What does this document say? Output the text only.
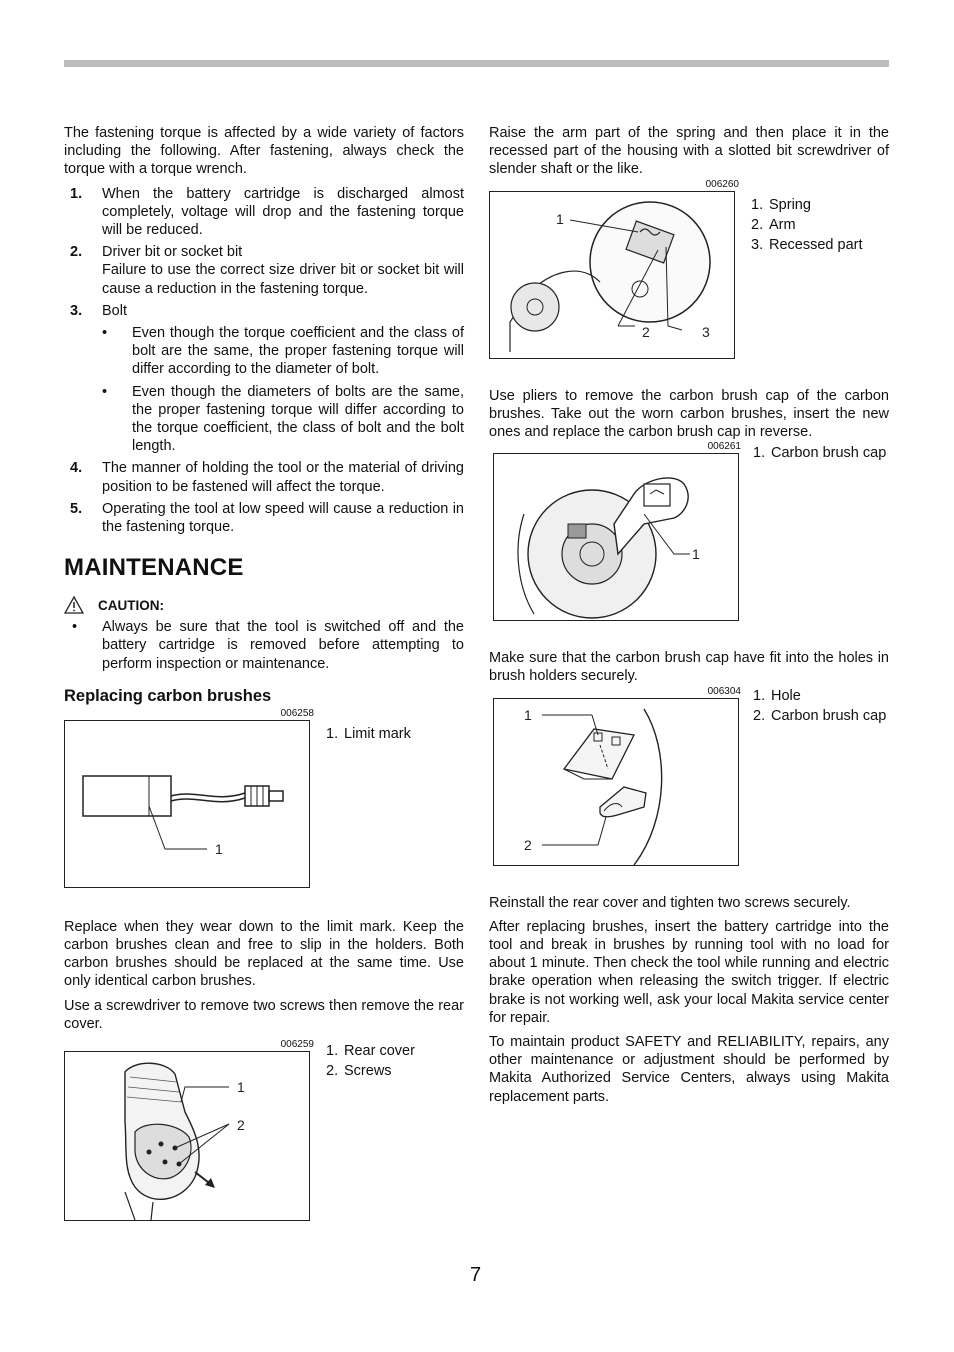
The fastening torque is affected by a wide variety of factors including the following. After fastening, always check the torque with a torque wrench.

1. When the battery cartridge is discharged almost completely, voltage will drop and the fastening torque will be reduced.
2. Driver bit or socket bit
Failure to use the correct size driver bit or socket bit will cause a reduction in the fastening torque.
3. Bolt
• Even though the torque coefficient and the class of bolt are the same, the proper fastening torque will differ according to the diameter of bolt.
• Even though the diameters of bolts are the same, the proper fastening torque will differ according to the torque coefficient, the class of bolt and the bolt length.
4. The manner of holding the tool or the material of driving position to be fastened will affect the torque.
5. Operating the tool at low speed will cause a reduction in the fastening torque.
MAINTENANCE
CAUTION:
• Always be sure that the tool is switched off and the battery cartridge is removed before attempting to perform inspection or maintenance.
Replacing carbon brushes
006258
1
1. Limit mark

Replace when they wear down to the limit mark. Keep the carbon brushes clean and free to slip in the holders. Both carbon brushes should be replaced at the same time. Use only identical carbon brushes.

Use a screwdriver to remove two screws then remove the rear cover.

006259
1
2
1. Rear cover
2. Screws

Raise the arm part of the spring and then place it in the recessed part of the housing with a slotted bit screwdriver of slender shaft or the like.

006260
1
2	3
1. Spring
2. Arm
3. Recessed part

Use pliers to remove the carbon brush cap of the carbon brushes. Take out the worn carbon brushes, insert the new ones and replace the carbon brush cap in reverse.

006261
1
1. Carbon brush cap

Make sure that the carbon brush cap have fit into the holes in brush holders securely.

006304
1
2
1. Hole
2. Carbon brush cap

Reinstall the rear cover and tighten two screws securely.

After replacing brushes, insert the battery cartridge into the tool and break in brushes by running tool with no load for about 1 minute. Then check the tool while running and electric brake operation when releasing the switch trigger. If electric brake is not working well, ask your local Makita service center for repair.

To maintain product SAFETY and RELIABILITY, repairs, any other maintenance or adjustment should be performed by Makita Authorized Service Centers, always using Makita replacement parts.

7
